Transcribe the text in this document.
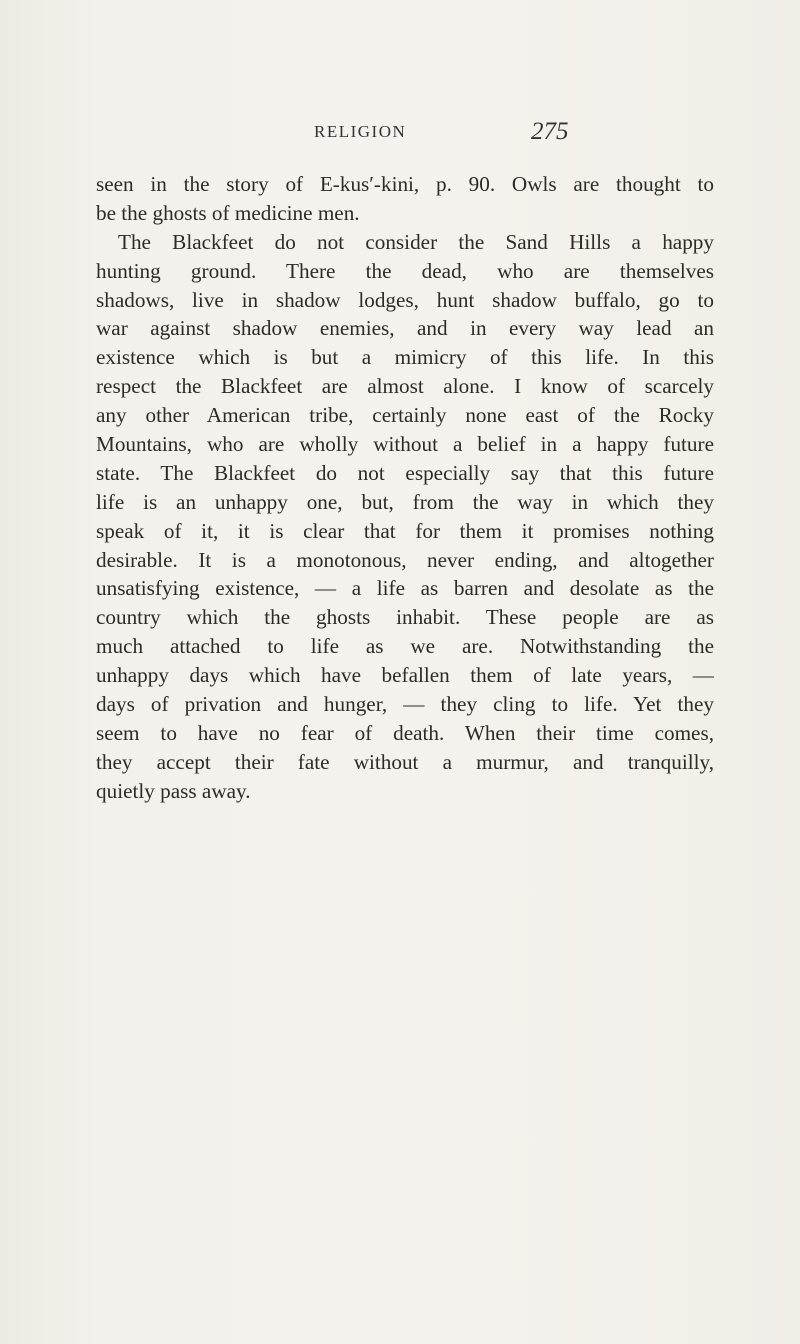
RELIGION	275
seen in the story of E-kus′-kini, p. 90. Owls are thought to
be the ghosts of medicine men.
The Blackfeet do not consider the Sand Hills a happy
hunting ground. There the dead, who are themselves
shadows, live in shadow lodges, hunt shadow buffalo, go to
war against shadow enemies, and in every way lead an
existence which is but a mimicry of this life. In this
respect the Blackfeet are almost alone. I know of scarcely
any other American tribe, certainly none east of the Rocky
Mountains, who are wholly without a belief in a happy future
state. The Blackfeet do not especially say that this future
life is an unhappy one, but, from the way in which they
speak of it, it is clear that for them it promises nothing
desirable. It is a monotonous, never ending, and altogether
unsatisfying existence, — a life as barren and desolate as the
country which the ghosts inhabit. These people are as
much attached to life as we are. Notwithstanding the
unhappy days which have befallen them of late years, —
days of privation and hunger, — they cling to life. Yet they
seem to have no fear of death. When their time comes,
they accept their fate without a murmur, and tranquilly,
quietly pass away.
